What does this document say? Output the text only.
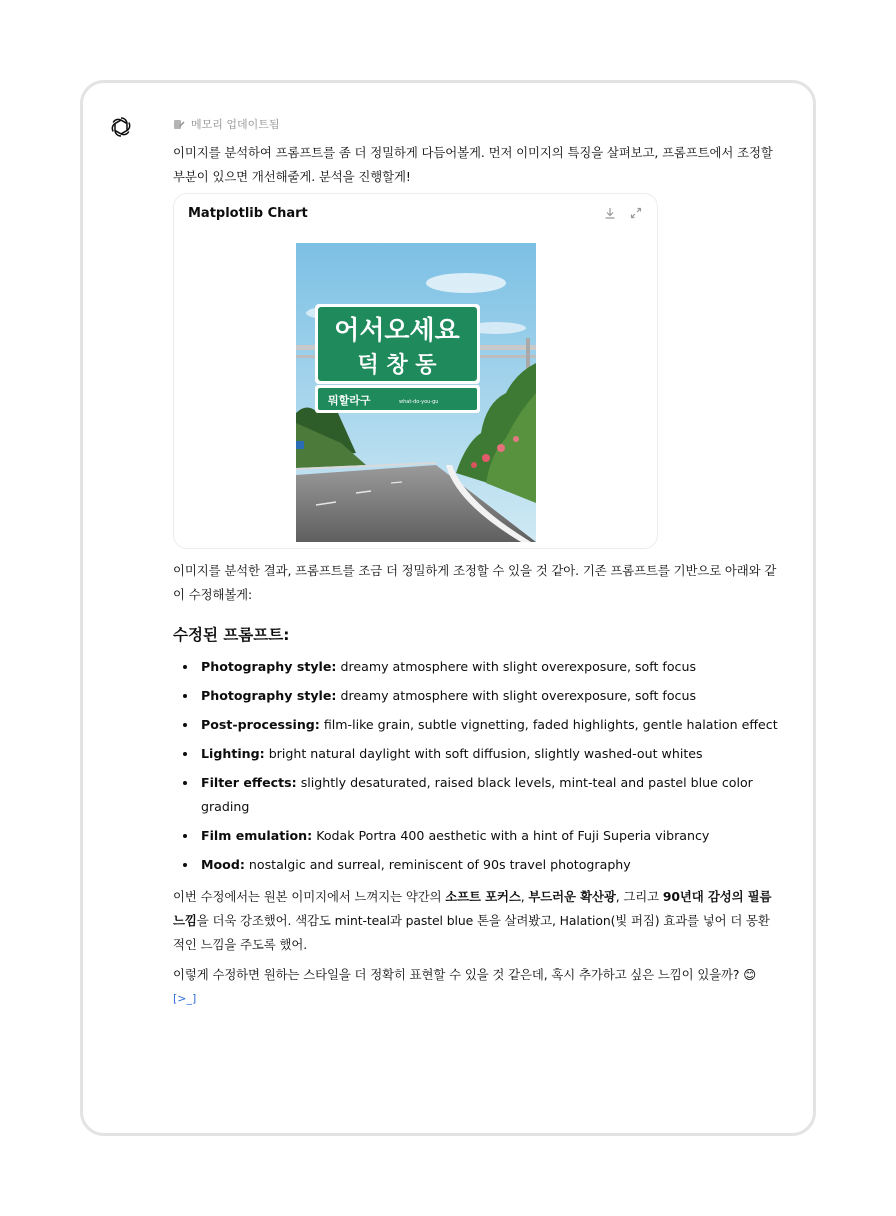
메모리 업데이트됨

이미지를 분석하여 프롬프트를 좀 더 정밀하게 다듬어볼게. 먼저 이미지의 특징을 살펴보고, 프롬프트에서 조정할 부분이 있으면 개선해줄게. 분석을 진행할게!

Matplotlib Chart
어서오세요
덕 창 동
뭐할라구	what-do-you-gu

이미지를 분석한 결과, 프롬프트를 조금 더 정밀하게 조정할 수 있을 것 같아. 기존 프롬프트를 기반으로 아래와 같이 수정해볼게:

수정된 프롬프트:
Photography style: dreamy atmosphere with slight overexposure, soft focus
Photography style: dreamy atmosphere with slight overexposure, soft focus
Post-processing: film-like grain, subtle vignetting, faded highlights, gentle halation effect
Lighting: bright natural daylight with soft diffusion, slightly washed-out whites
Filter effects: slightly desaturated, raised black levels, mint-teal and pastel blue color grading
Film emulation: Kodak Portra 400 aesthetic with a hint of Fuji Superia vibrancy
Mood: nostalgic and surreal, reminiscent of 90s travel photography

이번 수정에서는 원본 이미지에서 느껴지는 약간의 소프트 포커스, 부드러운 확산광, 그리고 90년대 감성의 필름 느낌을 더욱 강조했어. 색감도 mint-teal과 pastel blue 톤을 살려봤고, Halation(빛 퍼짐) 효과를 넣어 더 몽환적인 느낌을 주도록 했어.

이렇게 수정하면 원하는 스타일을 더 정확히 표현할 수 있을 것 같은데, 혹시 추가하고 싶은 느낌이 있을까? 😊

[>_]
